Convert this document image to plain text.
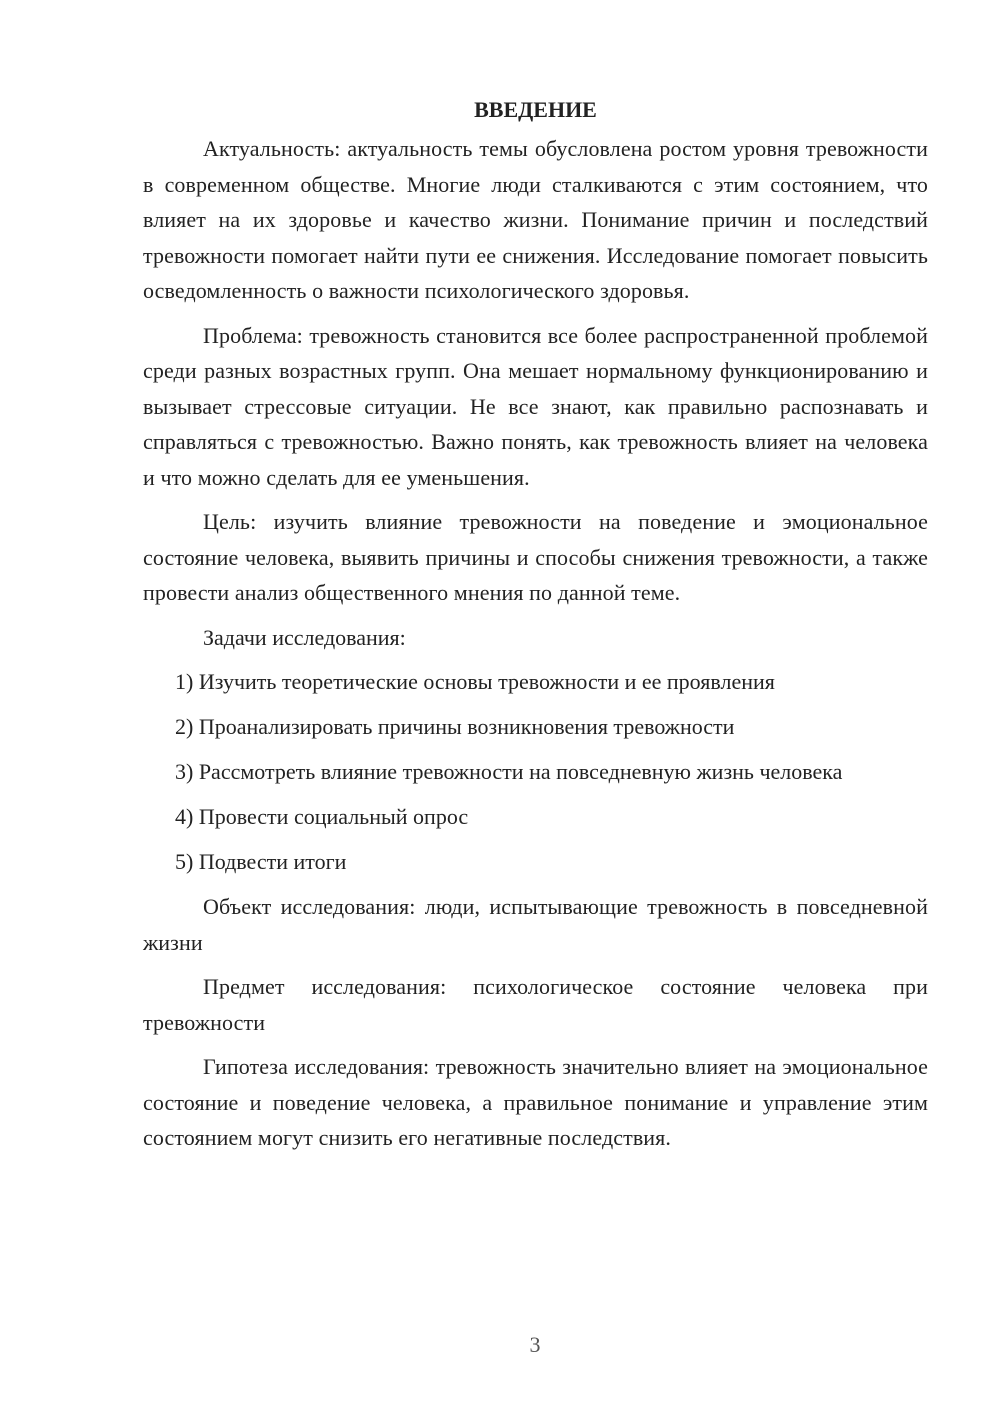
ВВЕДЕНИЕ

Актуальность: актуальность темы обусловлена ростом уровня тревожности в современном обществе. Многие люди сталкиваются с этим состоянием, что влияет на их здоровье и качество жизни. Понимание причин и последствий тревожности помогает найти пути ее снижения. Исследование помогает повысить осведомленность о важности психологического здоровья.

Проблема: тревожность становится все более распространенной проблемой среди разных возрастных групп. Она мешает нормальному функционированию и вызывает стрессовые ситуации. Не все знают, как правильно распознавать и справляться с тревожностью. Важно понять, как тревожность влияет на человека и что можно сделать для ее уменьшения.

Цель: изучить влияние тревожности на поведение и эмоциональное состояние человека, выявить причины и способы снижения тревожности, а также провести анализ общественного мнения по данной теме.

Задачи исследования:

1) Изучить теоретические основы тревожности и ее проявления
2) Проанализировать причины возникновения тревожности
3) Рассмотреть влияние тревожности на повседневную жизнь человека
4) Провести социальный опрос
5) Подвести итоги

Объект исследования: люди, испытывающие тревожность в повседневной жизни

Предмет исследования: психологическое состояние человека при тревожности

Гипотеза исследования: тревожность значительно влияет на эмоциональное состояние и поведение человека, а правильное понимание и управление этим состоянием могут снизить его негативные последствия.

3
